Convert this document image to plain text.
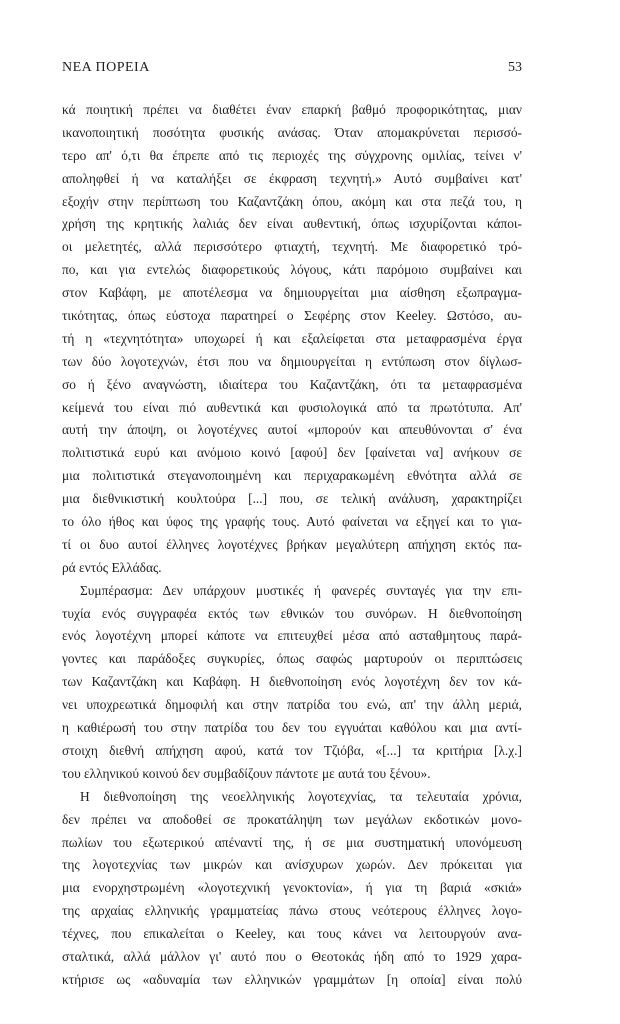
ΝΕΑ ΠΟΡΕΙΑ	53
κά ποιητική πρέπει να διαθέτει έναν επαρκή βαθμό προφορικότητας, μιαν
ικανοποιητική ποσότητα φυσικής ανάσας. Όταν απομακρύνεται περισσό-
τερο απ' ό,τι θα έπρεπε από τις περιοχές της σύγχρονης ομιλίας, τείνει ν'
αποληφθεί ή να καταλήξει σε έκφραση τεχνητή.» Αυτό συμβαίνει κατ'
εξοχήν στην περίπτωση του Καζαντζάκη όπου, ακόμη και στα πεζά του, η
χρήση της κρητικής λαλιάς δεν είναι αυθεντική, όπως ισχυρίζονται κάποι-
οι μελετητές, αλλά περισσότερο φτιαχτή, τεχνητή. Με διαφορετικό τρό-
πο, και για εντελώς διαφορετικούς λόγους, κάτι παρόμοιο συμβαίνει και
στον Καβάφη, με αποτέλεσμα να δημιουργείται μια αίσθηση εξωπραγμα-
τικότητας, όπως εύστοχα παρατηρεί ο Σεφέρης στον Keeley. Ωστόσο, αυ-
τή η «τεχνητότητα» υποχωρεί ή και εξαλείφεται στα μεταφρασμένα έργα
των δύο λογοτεχνών, έτσι που να δημιουργείται η εντύπωση στον δίγλωσ-
σο ή ξένο αναγνώστη, ιδιαίτερα του Καζαντζάκη, ότι τα μεταφρασμένα
κείμενά του είναι πιό αυθεντικά και φυσιολογικά από τα πρωτότυπα. Απ'
αυτή την άποψη, οι λογοτέχνες αυτοί «μπορούν και απευθύνονται σ' ένα
πολιτιστικά ευρύ και ανόμοιο κοινό [αφού] δεν [φαίνεται να] ανήκουν σε
μια πολιτιστικά στεγανοποιημένη και περιχαρακωμένη εθνότητα αλλά σε
μια διεθνικιστική κουλτούρα [...] που, σε τελική ανάλυση, χαρακτηρίζει
το όλο ήθος και ύφος της γραφής τους. Αυτό φαίνεται να εξηγεί και το για-
τί οι δυο αυτοί έλληνες λογοτέχνες βρήκαν μεγαλύτερη απήχηση εκτός πα-
ρά εντός Ελλάδας.
Συμπέρασμα: Δεν υπάρχουν μυστικές ή φανερές συνταγές για την επι-
τυχία ενός συγγραφέα εκτός των εθνικών του συνόρων. Η διεθνοποίηση
ενός λογοτέχνη μπορεί κάποτε να επιτευχθεί μέσα από ασταθμητους παρά-
γοντες και παράδοξες συγκυρίες, όπως σαφώς μαρτυρούν οι περιπτώσεις
των Καζαντζάκη και Καβάφη. Η διεθνοποίηση ενός λογοτέχνη δεν τον κά-
νει υποχρεωτικά δημοφιλή και στην πατρίδα του ενώ, απ' την άλλη μεριά,
η καθιέρωσή του στην πατρίδα του δεν του εγγυάται καθόλου και μια αντί-
στοιχη διεθνή απήχηση αφού, κατά τον Τζιόβα, «[...] τα κριτήρια [λ.χ.]
του ελληνικού κοινού δεν συμβαδίζουν πάντοτε με αυτά του ξένου».
Η διεθνοποίηση της νεοελληνικής λογοτεχνίας, τα τελευταία χρόνια,
δεν πρέπει να αποδοθεί σε προκατάληψη των μεγάλων εκδοτικών μονο-
πωλίων του εξωτερικού απέναντί της, ή σε μια συστηματική υπονόμευση
της λογοτεχνίας των μικρών και ανίσχυρων χωρών. Δεν πρόκειται για
μια ενορχηστρωμένη «λογοτεχνική γενοκτονία», ή για τη βαριά «σκιά»
της αρχαίας ελληνικής γραμματείας πάνω στους νεότερους έλληνες λογο-
τέχνες, που επικαλείται ο Keeley, και τους κάνει να λειτουργούν ανα-
σταλτικά, αλλά μάλλον γι' αυτό που ο Θεοτοκάς ήδη από το 1929 χαρα-
κτήρισε ως «αδυναμία των ελληνικών γραμμάτων [η οποία] είναι πολύ
